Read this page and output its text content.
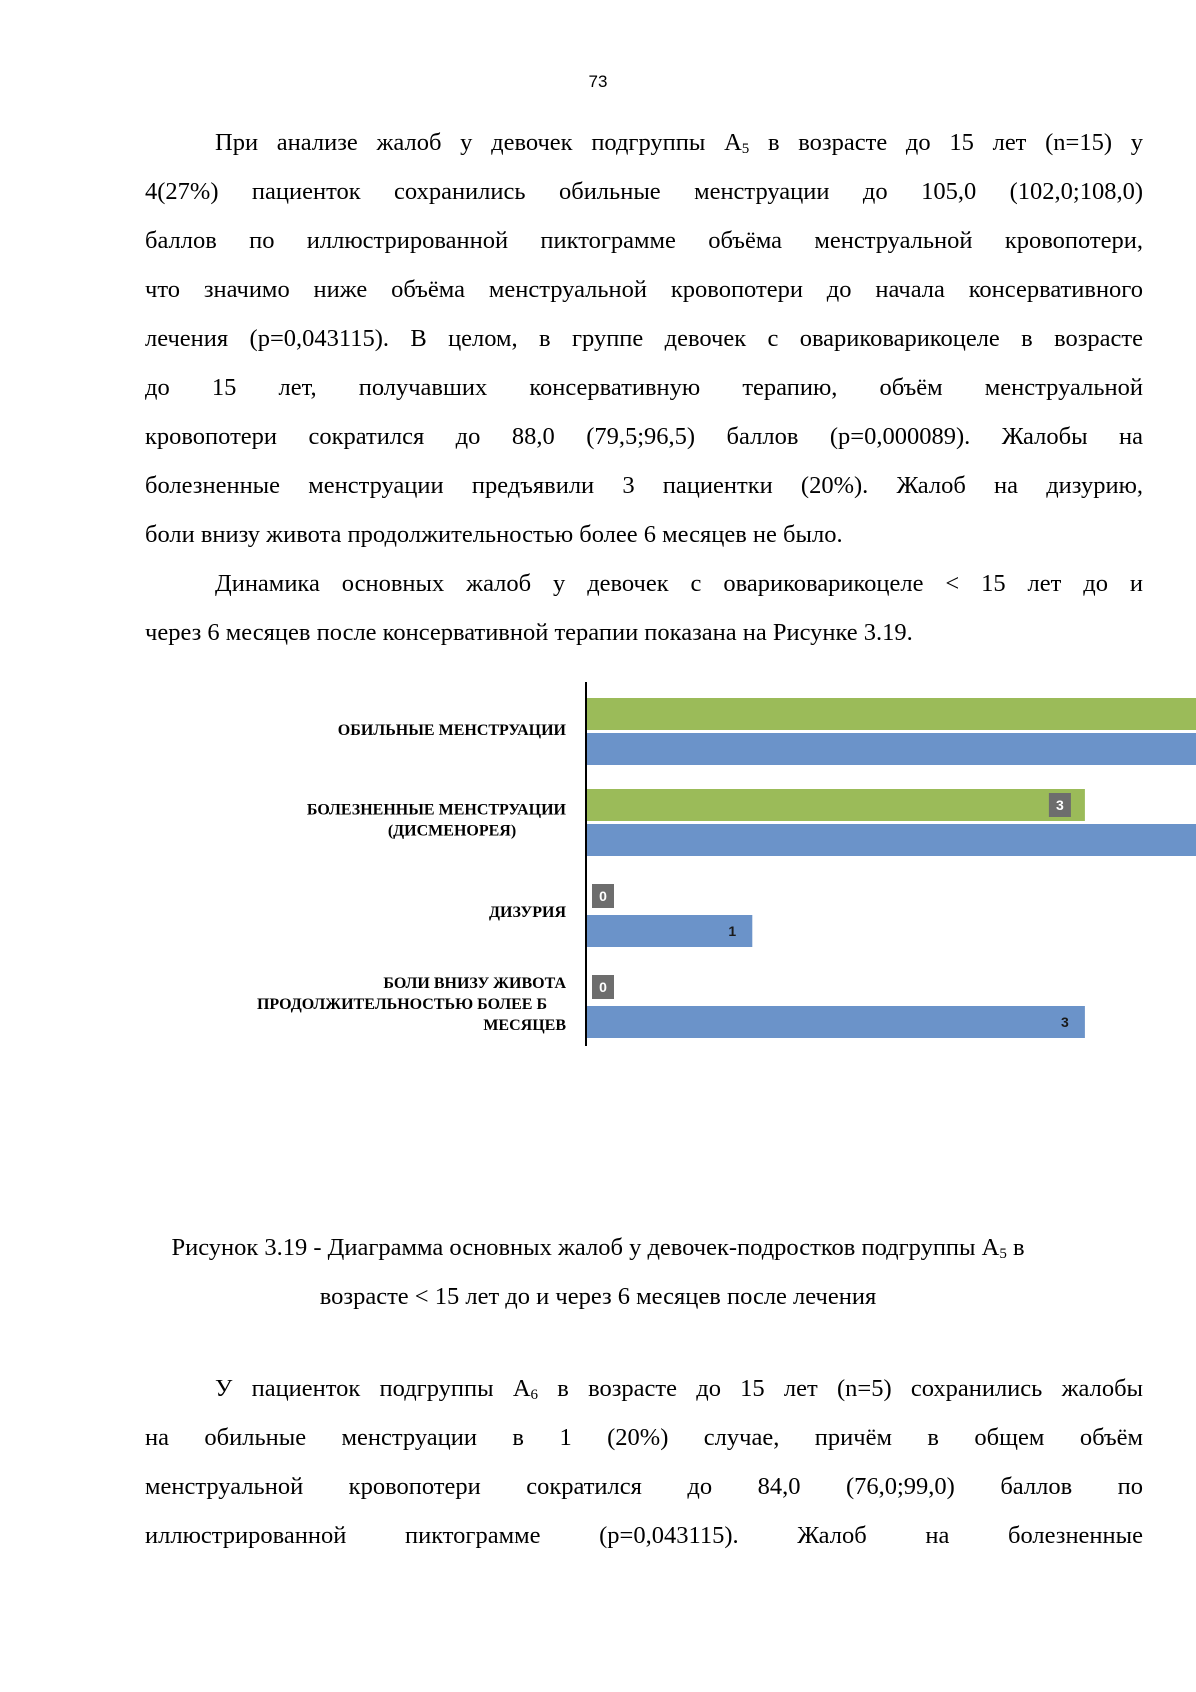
73
При анализе жалоб у девочек подгруппы $А_5$ в возрасте до 15 лет (n=15) у
4(27%) пациенток сохранились обильные менструации до 105,0 (102,0;108,0)
баллов по иллюстрированной пиктограмме объёма менструальной кровопотери,
что значимо ниже объёма менструальной кровопотери до начала консервативного
лечения (p=0,043115). В целом, в группе девочек с овариковарикоцеле в возрасте
до 15 лет, получавших консервативную терапию, объём менструальной
кровопотери сократился до 88,0 (79,5;96,5) баллов (p=0,000089). Жалобы на
болезненные менструации предъявили 3 пациентки (20%). Жалоб на дизурию,
боли внизу живота продолжительностью более 6 месяцев не было.
Динамика основных жалоб у девочек с овариковарикоцеле < 15 лет до и
через 6 месяцев после консервативной терапии показана на Рисунке 3.19.
3
0
1
0
3
ОБИЛЬНЫЕ МЕНСТРУАЦИИ
БОЛЕЗНЕННЫЕ МЕНСТРУАЦИИ
(ДИСМЕНОРЕЯ)
ДИЗУРИЯ
БОЛИ ВНИЗУ ЖИВОТА
ПРОДОЛЖИТЕЛЬНОСТЬЮ БОЛЕЕ Б
МЕСЯЦЕВ
Рисунок 3.19 - Диаграмма основных жалоб у девочек-подростков подгруппы $А_5$ в
возрасте < 15 лет до и через 6 месяцев после лечения
У пациенток подгруппы $А_6$ в возрасте до 15 лет (n=5) сохранились жалобы
на обильные менструации в 1 (20%) случае, причём в общем объём
менструальной кровопотери сократился до 84,0 (76,0;99,0) баллов по
иллюстрированной пиктограмме (p=0,043115). Жалоб на болезненные
